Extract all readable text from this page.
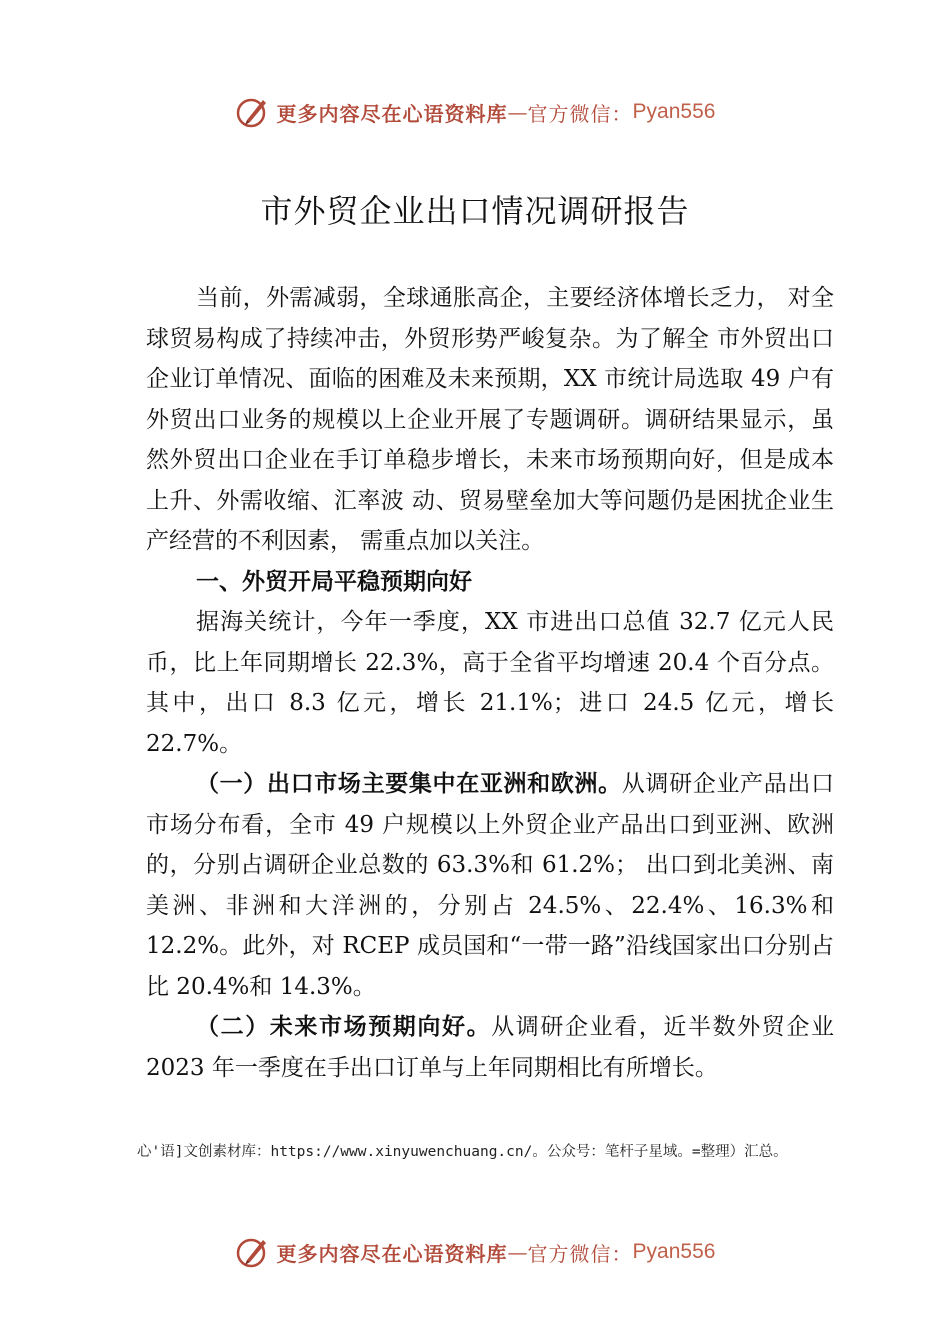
更多内容尽在心语资料库 — 官方微信： Pyan556
市外贸企业出口情况调研报告

当前，外需减弱，全球通胀高企，主要经济体增长乏力， 对全球贸易构成了持续冲击，外贸形势严峻复杂。为了解全 市外贸出口企业订单情况、面临的困难及未来预期，XX 市统计局选取 49 户有外贸出口业务的规模以上企业开展了专题调研。调研结果显示，虽然外贸出口企业在手订单稳步增长，未来市场预期向好，但是成本上升、外需收缩、汇率波 动、贸易壁垒加大等问题仍是困扰企业生产经营的不利因素， 需重点加以关注。

一、外贸开局平稳预期向好

据海关统计，今年一季度，XX 市进出口总值 32.7 亿元人民币，比上年同期增长 22.3%，高于全省平均增速 20.4 个百分点。其中，出口 8.3 亿元，增长 21.1%；进口 24.5 亿元，增长 22.7%。

（一）出口市场主要集中在亚洲和欧洲。从调研企业产品出口市场分布看，全市 49 户规模以上外贸企业产品出口到亚洲、欧洲的，分别占调研企业总数的 63.3%和 61.2%； 出口到北美洲、南美洲、非洲和大洋洲的，分别占 24.5%、22.4%、16.3%和 12.2%。此外，对 RCEP 成员国和“一带一路”沿线国家出口分别占比 20.4%和 14.3%。

（二）未来市场预期向好。从调研企业看，近半数外贸企业 2023 年一季度在手出口订单与上年同期相比有所增长。

心'语]文创素材库：https://www.xinyuwenchuang.cn/。公众号：笔杆子星域。=整理）汇总。
更多内容尽在心语资料库 — 官方微信： Pyan556
